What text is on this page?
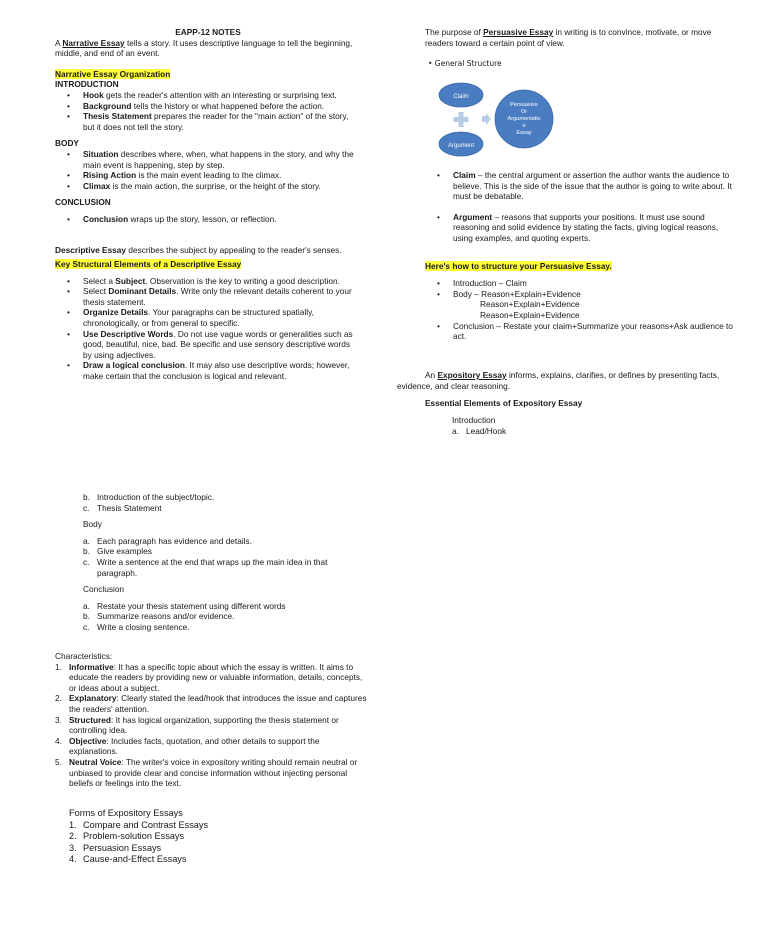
EAPP-12 NOTES

A Narrative Essay tells a story. It uses descriptive language to tell the beginning, middle, and end of an event.

Narrative Essay Organization

INTRODUCTION

• Hook gets the reader's attention with an interesting or surprising text.
• Background tells the history or what happened before the action.
• Thesis Statement prepares the reader for the "main action" of the story, but it does not tell the story.

BODY

• Situation describes where, when, what happens in the story, and why the main event is happening, step by step.
• Rising Action is the main event leading to the climax.
• Climax is the main action, the surprise, or the height of the story.

CONCLUSION

• Conclusion wraps up the story, lesson, or reflection.

Descriptive Essay describes the subject by appealing to the reader's senses.

Key Structural Elements of a Descriptive Essay

• Select a Subject. Observation is the key to writing a good description.
• Select Dominant Details. Write only the relevant details coherent to your thesis statement.
• Organize Details. Your paragraphs can be structured spatially, chronologically, or from general to specific.
• Use Descriptive Words. Do not use vague words or generalities such as good, beautiful, nice, bad. Be specific and use sensory descriptive words by using adjectives.
• Draw a logical conclusion. It may also use descriptive words; however, make certain that the conclusion is logical and relevant.

The purpose of Persuasive Essay in writing is to convince, motivate, or move readers toward a certain point of view.

• General Structure
Claim
Argument
Persuasive
Or
Argumentativ
e
Essay
• Claim – the central argument or assertion the author wants the audience to believe. This is the side of the issue that the author is going to write about. It must be debatable.
• Argument – reasons that supports your positions. It must use sound reasoning and solid evidence by stating the facts, giving logical reasons, using examples, and quoting experts.

Here's how to structure your Persuasive Essay.

• Introduction – Claim
• Body – Reason+Explain+Evidence
Reason+Explain+Evidence
Reason+Explain+Evidence
• Conclusion – Restate your claim+Summarize your reasons+Ask audience to act.

An Expository Essay informs, explains, clarifies, or defines by presenting facts, evidence, and clear reasoning.

Essential Elements of Expository Essay

Introduction

a. Lead/Hook
b. Introduction of the subject/topic.
c. Thesis Statement

Body

a. Each paragraph has evidence and details.
b. Give examples
c. Write a sentence at the end that wraps up the main idea in that paragraph.

Conclusion

a. Restate your thesis statement using different words
b. Summarize reasons and/or evidence.
c. Write a closing sentence.

Characteristics:

1. Informative: It has a specific topic about which the essay is written. It aims to educate the readers by providing new or valuable information, details, concepts, or ideas about a subject.
2. Explanatory: Clearly stated the lead/hook that introduces the issue and captures the readers' attention.
3. Structured: It has logical organization, supporting the thesis statement or controlling idea.
4. Objective: Includes facts, quotation, and other details to support the explanations.
5. Neutral Voice: The writer's voice in expository writing should remain neutral or unbiased to provide clear and concise information without injecting personal beliefs or feelings into the text.

Forms of Expository Essays

1. Compare and Contrast Essays
2. Problem-solution Essays
3. Persuasion Essays
4. Cause-and-Effect Essays
